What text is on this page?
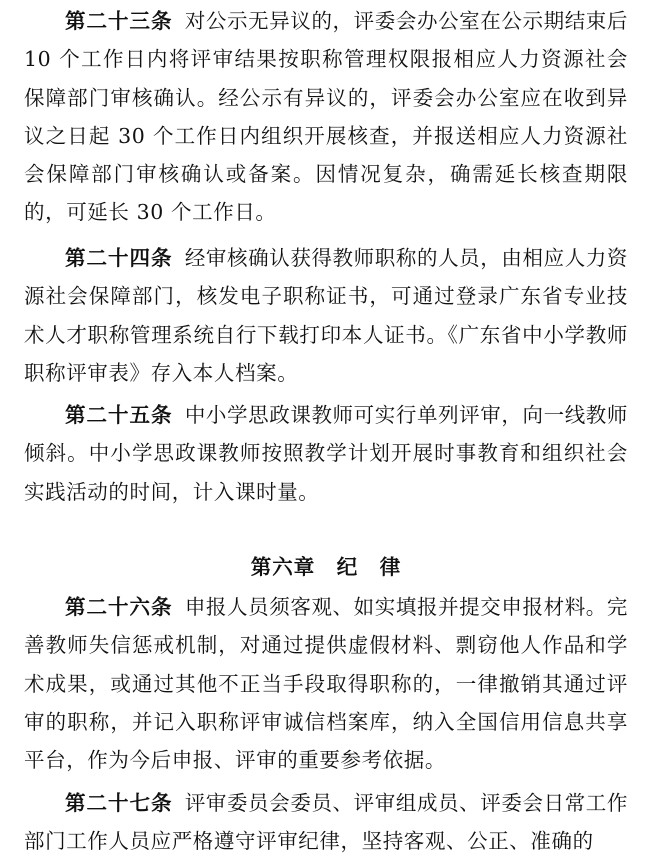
第二十三条 对公示无异议的，评委会办公室在公示期结束后 10 个工作日内将评审结果按职称管理权限报相应人力资源社会保障部门审核确认。经公示有异议的，评委会办公室应在收到异议之日起 30 个工作日内组织开展核查，并报送相应人力资源社会保障部门审核确认或备案。因情况复杂，确需延长核查期限的，可延长 30 个工作日。

第二十四条 经审核确认获得教师职称的人员，由相应人力资源社会保障部门，核发电子职称证书，可通过登录广东省专业技术人才职称管理系统自行下载打印本人证书。《广东省中小学教师职称评审表》存入本人档案。

第二十五条 中小学思政课教师可实行单列评审，向一线教师倾斜。中小学思政课教师按照教学计划开展时事教育和组织社会实践活动的时间，计入课时量。

第六章　纪　律

第二十六条 申报人员须客观、如实填报并提交申报材料。完善教师失信惩戒机制，对通过提供虚假材料、剽窃他人作品和学术成果，或通过其他不正当手段取得职称的，一律撤销其通过评审的职称，并记入职称评审诚信档案库，纳入全国信用信息共享平台，作为今后申报、评审的重要参考依据。

第二十七条 评审委员会委员、评审组成员、评委会日常工作部门工作人员应严格遵守评审纪律，坚持客观、公正、准确的
